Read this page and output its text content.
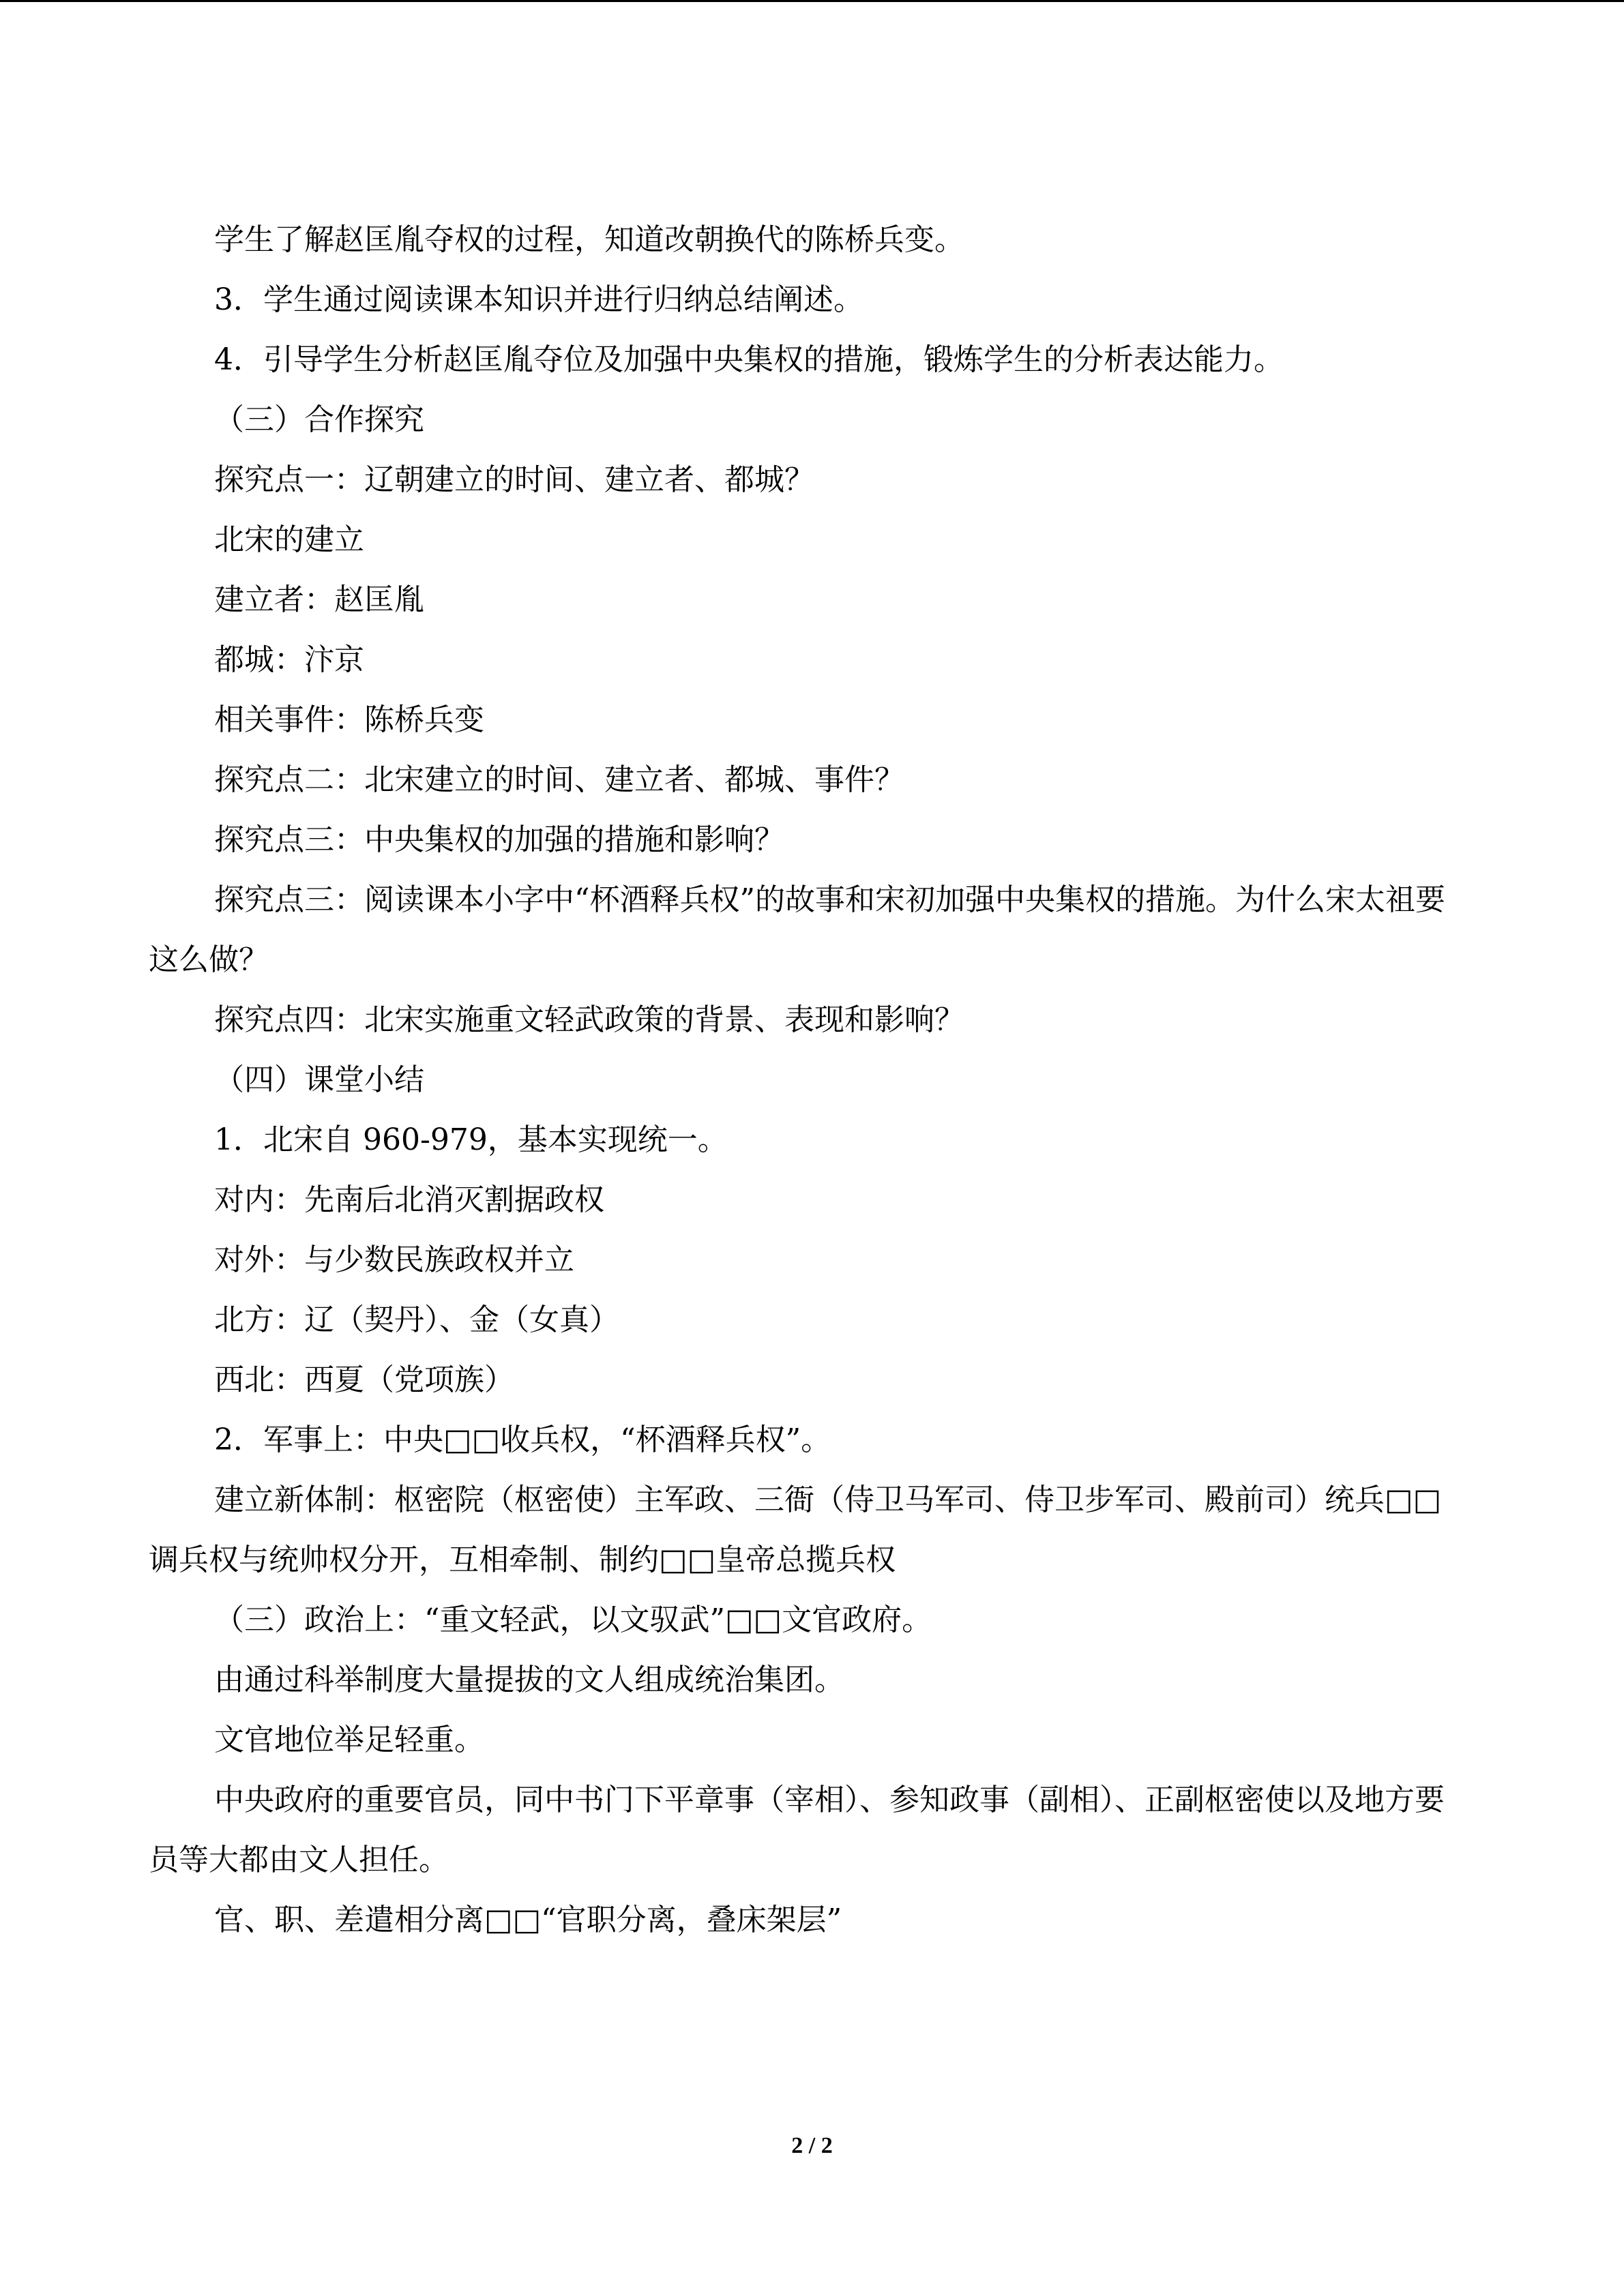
学生了解赵匡胤夺权的过程，知道改朝换代的陈桥兵变。

3．学生通过阅读课本知识并进行归纳总结阐述。

4．引导学生分析赵匡胤夺位及加强中央集权的措施，锻炼学生的分析表达能力。

（三）合作探究

探究点一：辽朝建立的时间、建立者、都城？

北宋的建立

建立者：赵匡胤

都城：汴京

相关事件：陈桥兵变

探究点二：北宋建立的时间、建立者、都城、事件？

探究点三：中央集权的加强的措施和影响？

探究点三：阅读课本小字中“杯酒释兵权”的故事和宋初加强中央集权的措施。为什么宋太祖要这么做？

探究点四：北宋实施重文轻武政策的背景、表现和影响？

（四）课堂小结

1．北宋自 960-979，基本实现统一。

对内：先南后北消灭割据政权

对外：与少数民族政权并立

北方：辽（契丹）、金（女真）

西北：西夏（党项族）

2．军事上：中央□□收兵权，“杯酒释兵权”。

建立新体制：枢密院（枢密使）主军政、三衙（侍卫马军司、侍卫步军司、殿前司）统兵□□调兵权与统帅权分开，互相牵制、制约□□皇帝总揽兵权

（三）政治上：“重文轻武，以文驭武”□□文官政府。

由通过科举制度大量提拔的文人组成统治集团。

文官地位举足轻重。

中央政府的重要官员，同中书门下平章事（宰相）、参知政事（副相）、正副枢密使以及地方要员等大都由文人担任。

官、职、差遣相分离□□“官职分离，叠床架层”

2 / 2
